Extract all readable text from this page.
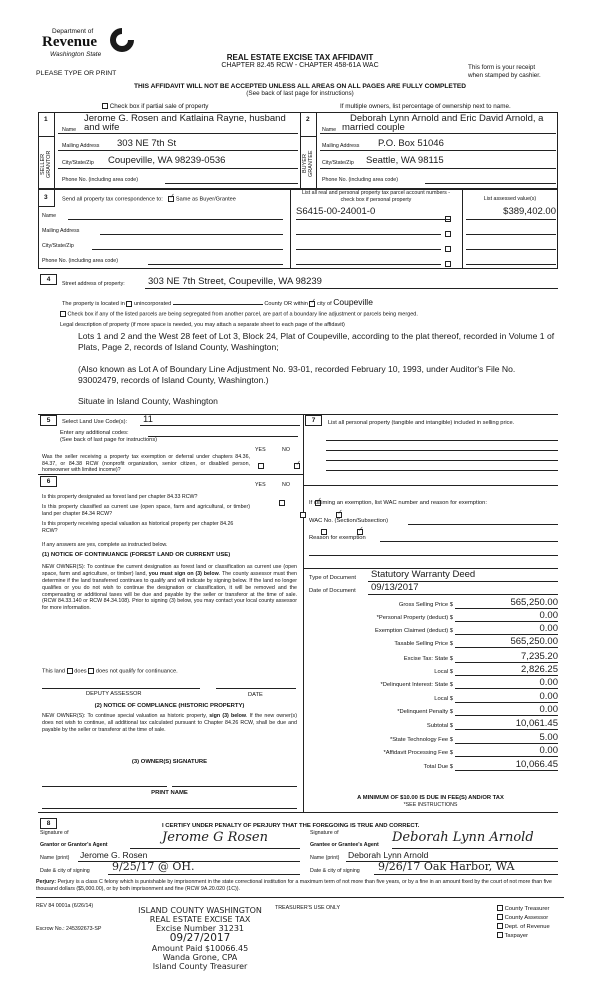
Department of
Revenue
Washington State
PLEASE TYPE OR PRINT
REAL ESTATE EXCISE TAX AFFIDAVIT
CHAPTER 82.45 RCW - CHAPTER 458-61A WAC	This form is your receipt
when stamped by cashier.
THIS AFFIDAVIT WILL NOT BE ACCEPTED UNLESS ALL AREAS ON ALL PAGES ARE FULLY COMPLETED
(See back of last page for instructions)
Check box if partial sale of property	If multiple owners, list percentage of ownership next to name.
1
SELLER GRANTOR
Jerome G. Rosen and Katlaina Rayne, husband
Name and wife
Mailing Address 303 NE 7th St
City/State/Zip Coupeville, WA 98239-0536
Phone No. (including area code)
2
BUYER GRANTEE
Deborah Lynn Arnold and Eric David Arnold, a
Name married couple
Mailing Address P.O. Box 51046
City/State/Zip Seattle, WA 98115
Phone No. (including area code)
3	Send all property tax correspondence to: ✓ Same as Buyer/Grantee
Name
Mailing Address
City/State/Zip
Phone No. (including area code)
List all real and personal property tax parcel account numbers - check box if personal property	List assessed value(s)
S6415-00-24001-0	$389,402.00
4
Street address of property: 303 NE 7th Street, Coupeville, WA 98239
The property is located in unincorporated	County OR within ✓ city of Coupeville
Check box if any of the listed parcels are being segregated from another parcel, are part of a boundary line adjustment or parcels being merged.
Legal description of property (if more space is needed, you may attach a separate sheet to each page of the affidavit)
Lots 1 and 2 and the West 28 feet of Lot 3, Block 24, Plat of Coupeville, according to the plat thereof, recorded in Volume 1 of Plats, Page 2, records of Island County, Washington;
(Also known as Lot A of Boundary Line Adjustment No. 93-01, recorded February 10, 1993, under Auditor's File No. 93002479, records of Island County, Washington.)
Situate in Island County, Washington
5	Select Land Use Code(s): 11
Enter any additional codes:
(See back of last page for instructions)
YES	NO
Was the seller receiving a property tax exemption or deferral under chapters 84.36, 84.37, or 84.38 RCW (nonprofit organization, senior citizen, or disabled person, homeowner with limited income)?
✓
6	YES	NO
Is this property designated as forest land per chapter 84.33 RCW?
✓
Is this property classified as current use (open space, farm and agricultural, or timber) land per chapter 84.34 RCW?
✓
Is this property receiving special valuation as historical property per chapter 84.26 RCW?
✓
If any answers are yes, complete as instructed below.
(1) NOTICE OF CONTINUANCE (FOREST LAND OR CURRENT USE)
NEW OWNER(S): To continue the current designation as forest land or classification as current use (open space, farm and agriculture, or timber) land, you must sign on (3) below. The county assessor must then determine if the land transferred continues to qualify and will indicate by signing below. If the land no longer qualifies or you do not wish to continue the designation or classification, it will be removed and the compensating or additional taxes will be due and payable by the seller or transferor at the time of sale. (RCW 84.33.140 or RCW 84.34.108). Prior to signing (3) below, you may contact your local county assessor for more information.
This land does does not qualify for continuance.
DEPUTY ASSESSOR	DATE
(2) NOTICE OF COMPLIANCE (HISTORIC PROPERTY)
NEW OWNER(S): To continue special valuation as historic property, sign (3) below. If the new owner(s) does not wish to continue, all additional tax calculated pursuant to Chapter 84.26 RCW, shall be due and payable by the seller or transferor at the time of sale.
(3) OWNER(S) SIGNATURE
PRINT NAME
7	List all personal property (tangible and intangible) included in selling price.
If claiming an exemption, list WAC number and reason for exemption:
WAC No. (Section/Subsection)
Reason for exemption
Type of Document Statutory Warranty Deed
Date of Document 09/13/2017
Gross Selling Price $	565,250.00
*Personal Property (deduct) $	0.00
Exemption Claimed (deduct) $	0.00
Taxable Selling Price $	565,250.00
Excise Tax: State $	7,235.20
Local $	2,826.25
*Delinquent Interest: State $	0.00
Local $	0.00
*Delinquent Penalty $	0.00
Subtotal $	10,061.45
*State Technology Fee $	5.00
*Affidavit Processing Fee $	0.00
Total Due $	10,066.45
A MINIMUM OF $10.00 IS DUE IN FEE(S) AND/OR TAX
*SEE INSTRUCTIONS
8	I CERTIFY UNDER PENALTY OF PERJURY THAT THE FOREGOING IS TRUE AND CORRECT.
Signature of
Grantor or Grantor's Agent	Jerome G Rosen
Name (print) Jerome G. Rosen
Date & city of signing 9/25/17 @ OH.
Signature of
Grantee or Grantee's Agent Deborah Lynn Arnold
Name (print) Deborah Lynn Arnold
Date & city of signing 9/26/17 Oak Harbor, WA
Perjury: Perjury is a class C felony which is punishable by imprisonment in the state correctional institution for a maximum term of not more than five years, or by a fine in an amount fixed by the court of not more than five thousand dollars ($5,000.00), or by both imprisonment and fine (RCW 9A.20.020 (1C)).
REV 84 0001a (6/26/14)
Escrow No.: 245392673-SP
TREASURER'S USE ONLY
ISLAND COUNTY WASHINGTON
REAL ESTATE EXCISE TAX
Excise Number 31231
09/27/2017
Amount Paid $10066.45
Wanda Grone, CPA
Island County Treasurer
County Treasurer
County Assessor
Dept. of Revenue
Taxpayer
